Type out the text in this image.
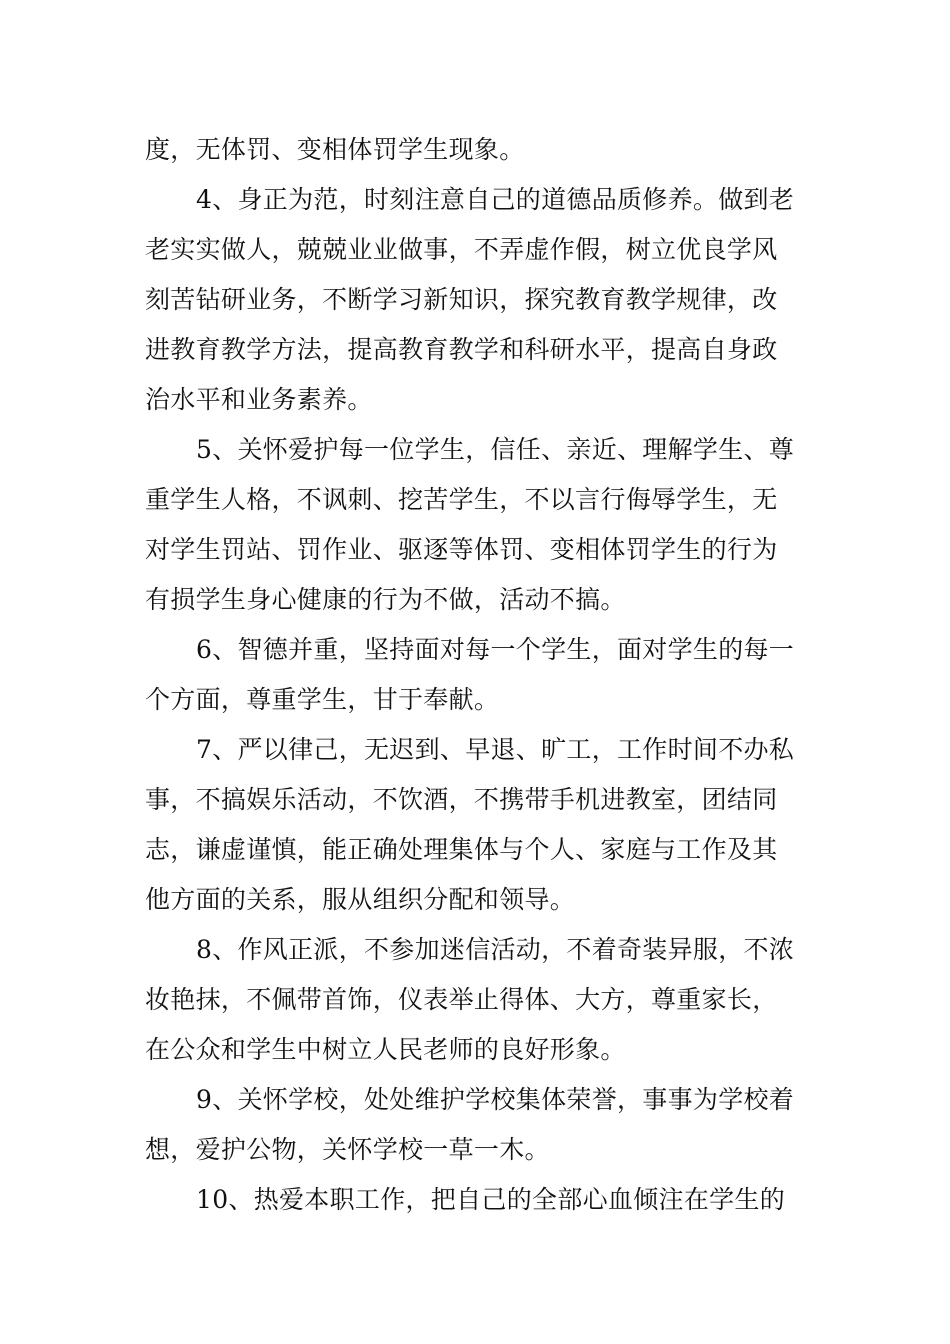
度，无体罚、变相体罚学生现象。
4、身正为范，时刻注意自己的道德品质修养。做到老
老实实做人，兢兢业业做事，不弄虚作假，树立优良学风
刻苦钻研业务，不断学习新知识，探究教育教学规律，改
进教育教学方法，提高教育教学和科研水平，提高自身政
治水平和业务素养。
5、关怀爱护每一位学生，信任、亲近、理解学生、尊
重学生人格，不讽刺、挖苦学生，不以言行侮辱学生，无
对学生罚站、罚作业、驱逐等体罚、变相体罚学生的行为
有损学生身心健康的行为不做，活动不搞。
6、智德并重，坚持面对每一个学生，面对学生的每一
个方面，尊重学生，甘于奉献。
7、严以律己，无迟到、早退、旷工，工作时间不办私
事，不搞娱乐活动，不饮酒，不携带手机进教室，团结同
志，谦虚谨慎，能正确处理集体与个人、家庭与工作及其
他方面的关系，服从组织分配和领导。
8、作风正派，不参加迷信活动，不着奇装异服，不浓
妆艳抹，不佩带首饰，仪表举止得体、大方，尊重家长，
在公众和学生中树立人民老师的良好形象。
9、关怀学校，处处维护学校集体荣誉，事事为学校着
想，爱护公物，关怀学校一草一木。
10、热爱本职工作，把自己的全部心血倾注在学生的
